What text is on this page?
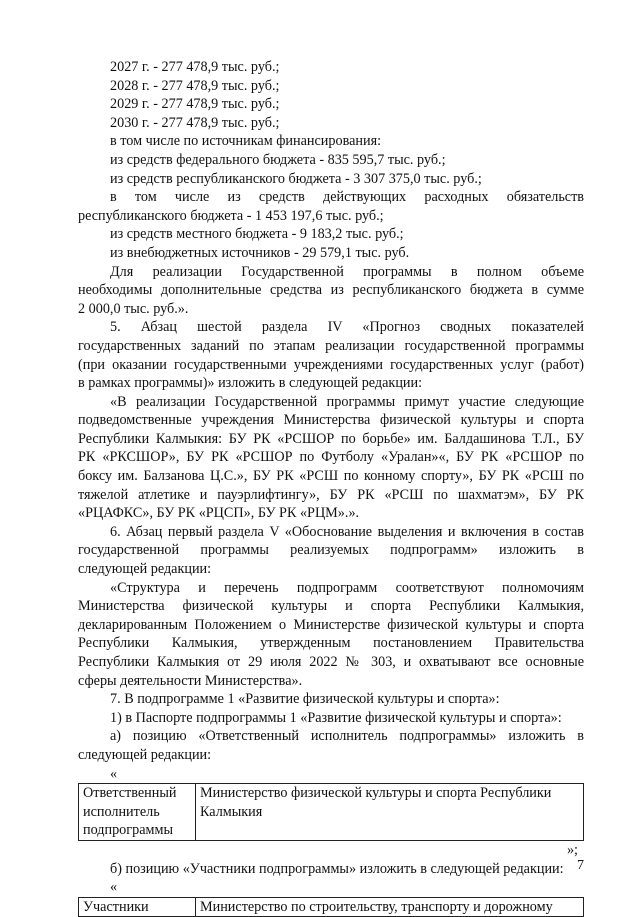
2027 г. - 277 478,9 тыс. руб.;
2028 г. - 277 478,9 тыс. руб.;
2029 г. - 277 478,9 тыс. руб.;
2030 г. - 277 478,9 тыс. руб.;
в том числе по источникам финансирования:
из средств федерального бюджета - 835 595,7 тыс. руб.;
из средств республиканского бюджета - 3 307 375,0 тыс. руб.;
в том числе из средств действующих расходных обязательств
республиканского бюджета - 1 453 197,6 тыс. руб.;
из средств местного бюджета - 9 183,2 тыс. руб.;
из внебюджетных источников - 29 579,1 тыс. руб.
Для реализации Государственной программы в полном объеме
необходимы дополнительные средства из республиканского бюджета в сумме
2 000,0 тыс. руб.».
5. Абзац шестой раздела IV «Прогноз сводных показателей
государственных заданий по этапам реализации государственной программы
(при оказании государственными учреждениями государственных услуг (работ)
в рамках программы)» изложить в следующей редакции:
«В реализации Государственной программы примут участие следующие
подведомственные учреждения Министерства физической культуры и спорта
Республики Калмыкия: БУ РК «РСШОР по борьбе» им. Балдашинова Т.Л., БУ
РК «РКСШОР», БУ РК «РСШОР по Футболу «Уралан»«, БУ РК «РСШОР по
боксу им. Балзанова Ц.С.», БУ РК «РСШ по конному спорту», БУ РК «РСШ по
тяжелой атлетике и пауэрлифтингу», БУ РК «РСШ по шахматэм», БУ РК
«РЦАФКС», БУ РК «РЦСП», БУ РК «РЦМ».».
6. Абзац первый раздела V «Обоснование выделения и включения в состав
государственной программы реализуемых подпрограмм» изложить в
следующей редакции:
«Структура и перечень подпрограмм соответствуют полномочиям
Министерства физической культуры и спорта Республики Калмыкия,
декларированным Положением о Министерстве физической культуры и спорта
Республики Калмыкия, утвержденным постановлением Правительства
Республики Калмыкия от 29 июля 2022 № 303, и охватывают все основные
сферы деятельности Министерства».
7. В подпрограмме 1 «Развитие физической культуры и спорта»:
1) в Паспорте подпрограммы 1 «Развитие физической культуры и спорта»:
а) позицию «Ответственный исполнитель подпрограммы» изложить в
следующей редакции:
«
Ответственный исполнитель подпрограммы	Министерство физической культуры и спорта Республики Калмыкия
»;
б) позицию «Участники подпрограммы» изложить в следующей редакции:
«
Участники	Министерство по строительству, транспорту и дорожному
7
